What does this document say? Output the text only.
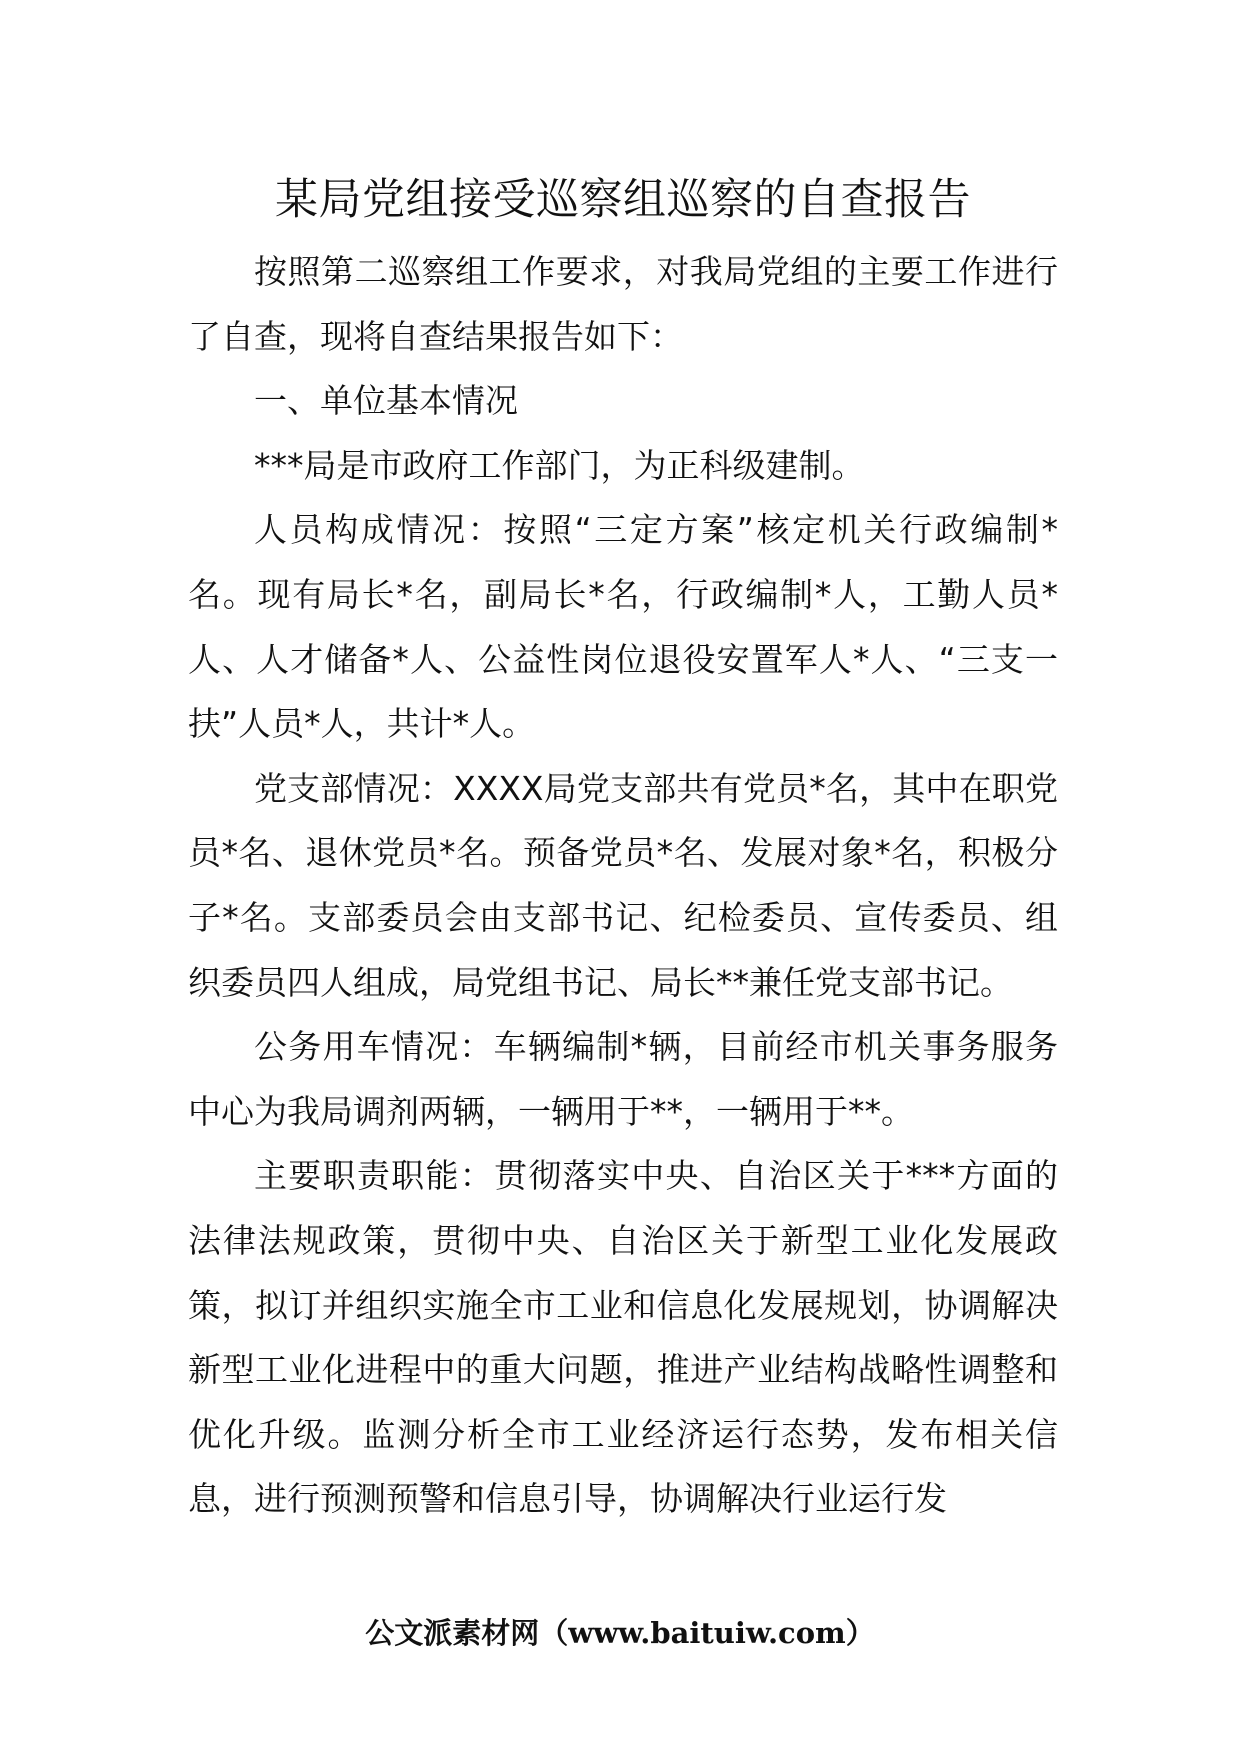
某局党组接受巡察组巡察的自查报告

按照第二巡察组工作要求，对我局党组的主要工作进行了自查，现将自查结果报告如下：

一、单位基本情况

***局是市政府工作部门，为正科级建制。

人员构成情况：按照“三定方案”核定机关行政编制*名。现有局长*名，副局长*名，行政编制*人，工勤人员*人、人才储备*人、公益性岗位退役安置军人*人、“三支一扶”人员*人，共计*人。

党支部情况：XXXX局党支部共有党员*名，其中在职党员*名、退休党员*名。预备党员*名、发展对象*名，积极分子*名。支部委员会由支部书记、纪检委员、宣传委员、组织委员四人组成，局党组书记、局长**兼任党支部书记。

公务用车情况：车辆编制*辆，目前经市机关事务服务中心为我局调剂两辆，一辆用于**，一辆用于**。

主要职责职能：贯彻落实中央、自治区关于***方面的法律法规政策，贯彻中央、自治区关于新型工业化发展政策，拟订并组织实施全市工业和信息化发展规划，协调解决新型工业化进程中的重大问题，推进产业结构战略性调整和优化升级。监测分析全市工业经济运行态势，发布相关信息，进行预测预警和信息引导，协调解决行业运行发

公文派素材网（www.baituiw.com）
